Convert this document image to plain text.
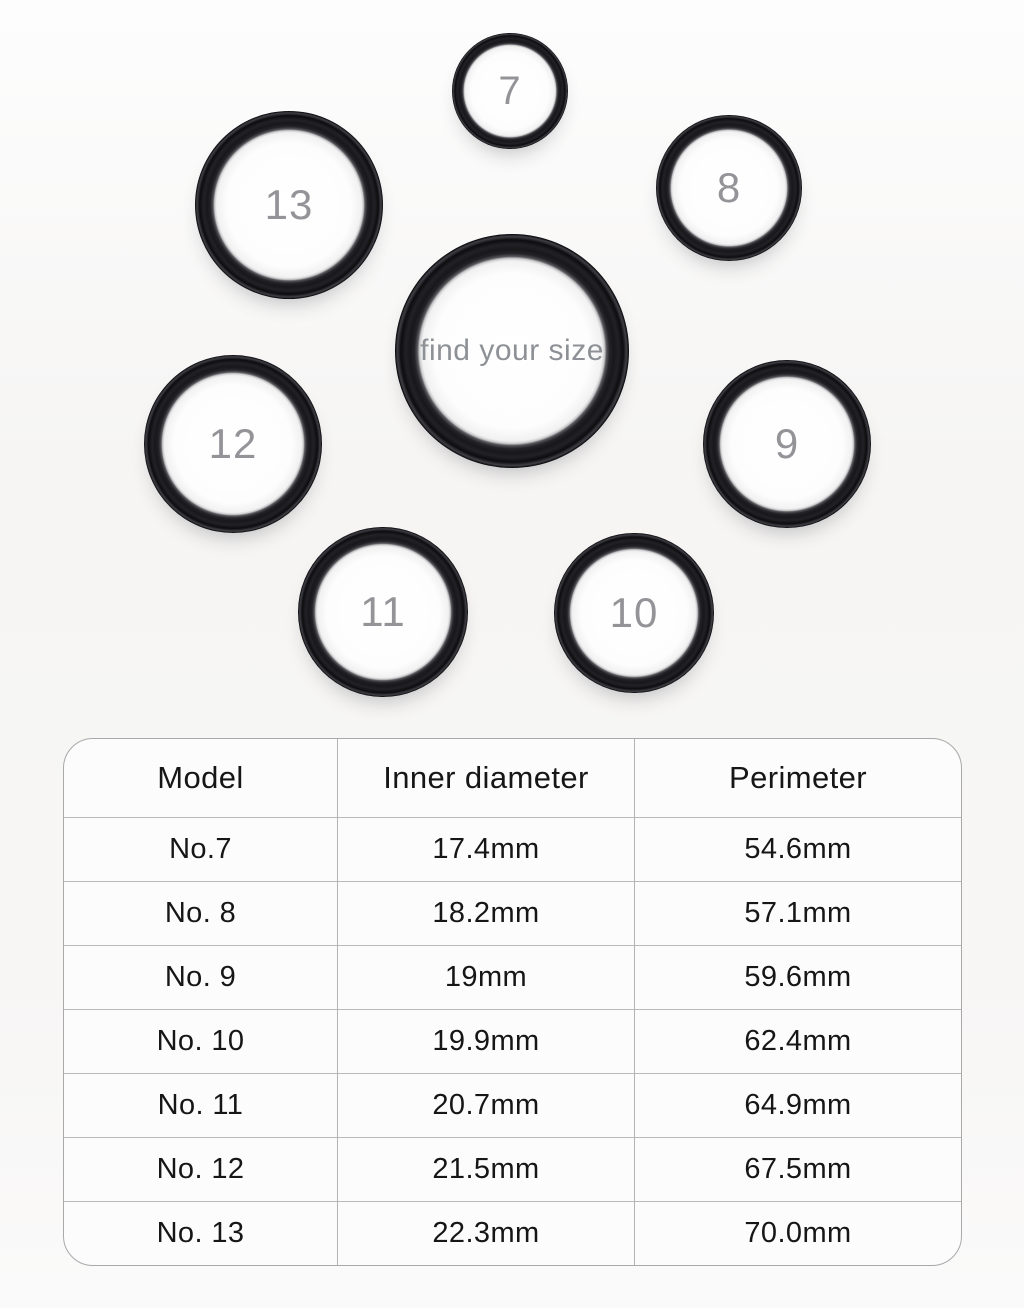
7
13	8
find your size
12	9
11	10
Model	Inner diameter	Perimeter
No.7	17.4mm	54.6mm
No. 8	18.2mm	57.1mm
No. 9	19mm	59.6mm
No. 10	19.9mm	62.4mm
No. 11	20.7mm	64.9mm
No. 12	21.5mm	67.5mm
No. 13	22.3mm	70.0mm
